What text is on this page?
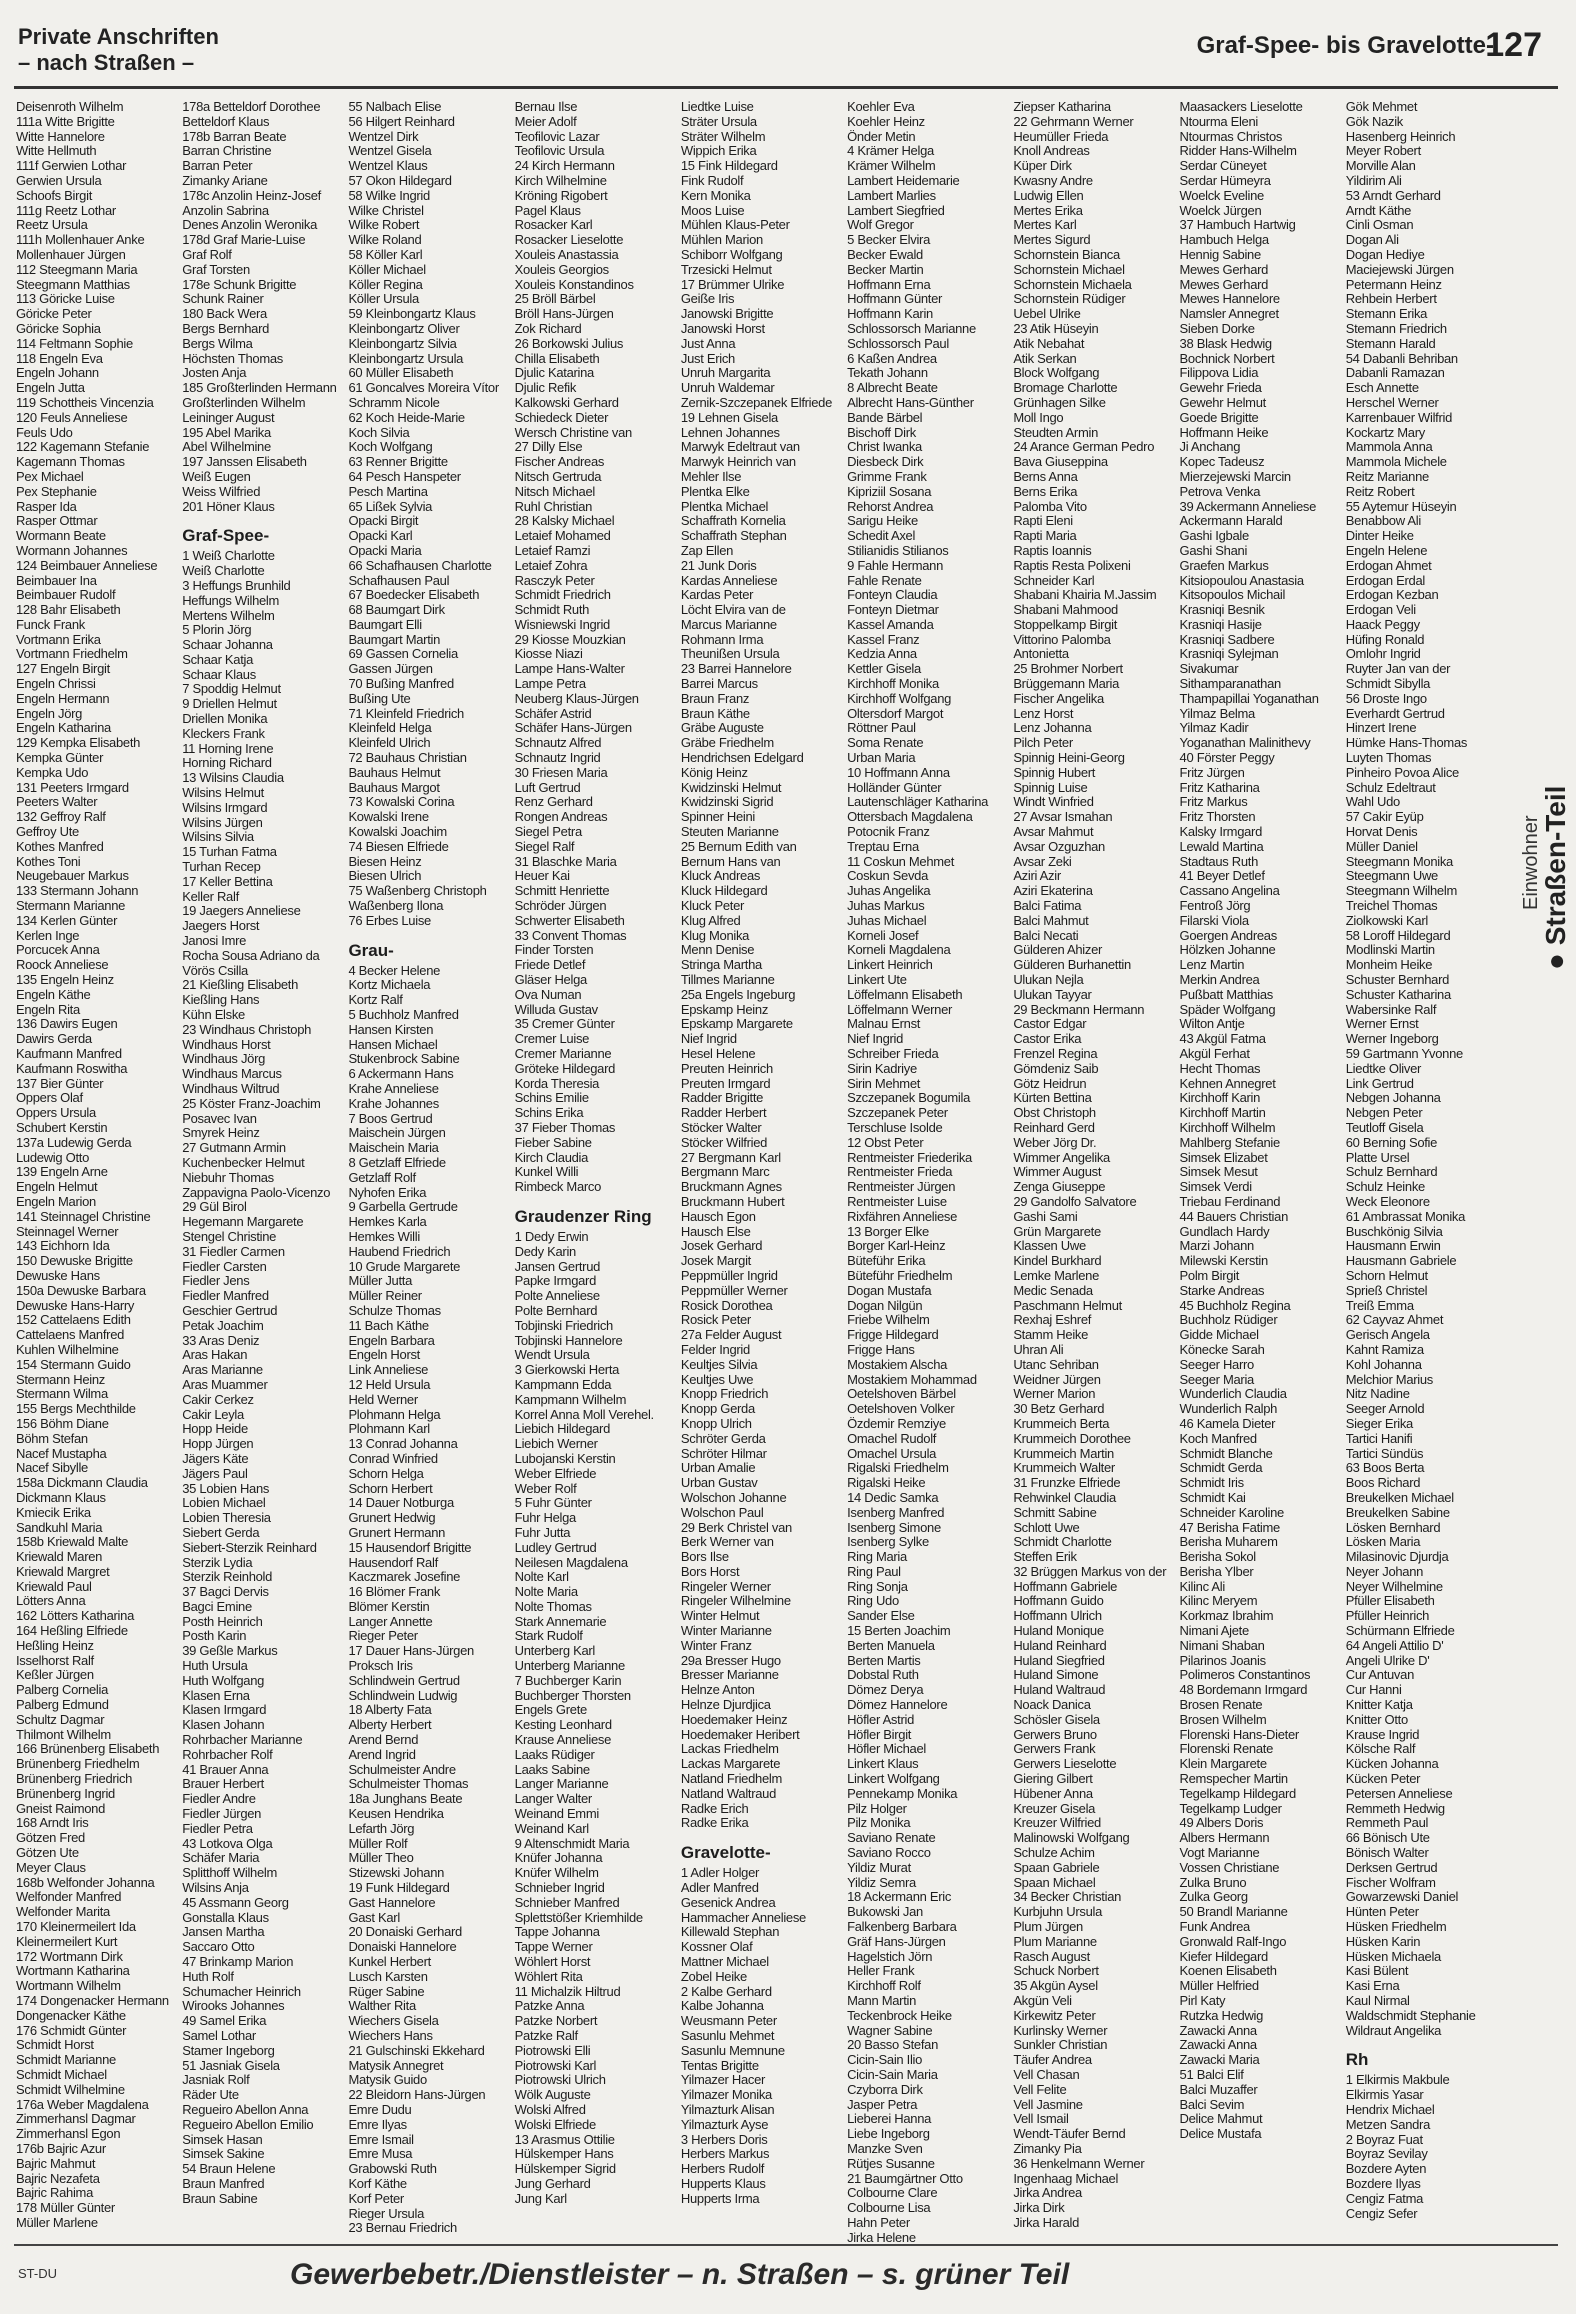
Private Anschriften
– nach Straßen –
Graf-Spee- bis Gravelotte-
127
Deisenroth Wilhelm
111a Witte Brigitte
Witte Hannelore
Witte Hellmuth
111f Gerwien Lothar
Gerwien Ursula
Schoofs Birgit
111g Reetz Lothar
Reetz Ursula
111h Mollenhauer Anke
Mollenhauer Jürgen
112 Steegmann Maria
Steegmann Matthias
113 Göricke Luise
Göricke Peter
Göricke Sophia
114 Feltmann Sophie
118 Engeln Eva
Engeln Johann
Engeln Jutta
119 Schottheis Vincenzia
120 Feuls Anneliese
Feuls Udo
122 Kagemann Stefanie
Kagemann Thomas
Pex Michael
Pex Stephanie
Rasper Ida
Rasper Ottmar
Wormann Beate
Wormann Johannes
124 Beimbauer Anneliese
Beimbauer Ina
Beimbauer Rudolf
128 Bahr Elisabeth
Funck Frank
Vortmann Erika
Vortmann Friedhelm
127 Engeln Birgit
Engeln Chrissi
Engeln Hermann
Engeln Jörg
Engeln Katharina
129 Kempka Elisabeth
Kempka Günter
Kempka Udo
131 Peeters Irmgard
Peeters Walter
132 Geffroy Ralf
Geffroy Ute
Kothes Manfred
Kothes Toni
Neugebauer Markus
133 Stermann Johann
Stermann Marianne
134 Kerlen Günter
Kerlen Inge
Porcucek Anna
Roock Anneliese
135 Engeln Heinz
Engeln Käthe
Engeln Rita
136 Dawirs Eugen
Dawirs Gerda
Kaufmann Manfred
Kaufmann Roswitha
137 Bier Günter
Oppers Olaf
Oppers Ursula
Schubert Kerstin
137a Ludewig Gerda
Ludewig Otto
139 Engeln Arne
Engeln Helmut
Engeln Marion
141 Steinnagel Christine
Steinnagel Werner
143 Eichhorn Ida
150 Dewuske Brigitte
Dewuske Hans
150a Dewuske Barbara
Dewuske Hans-Harry
152 Cattelaens Edith
Cattelaens Manfred
Kuhlen Wilhelmine
154 Stermann Guido
Stermann Heinz
Stermann Wilma
155 Bergs Mechthilde
156 Böhm Diane
Böhm Stefan
Nacef Mustapha
Nacef Sibylle
158a Dickmann Claudia
Dickmann Klaus
Kmiecik Erika
Sandkuhl Maria
158b Kriewald Malte
Kriewald Maren
Kriewald Margret
Kriewald Paul
Lötters Anna
162 Lötters Katharina
164 Heßling Elfriede
Heßling Heinz
Isselhorst Ralf
Keßler Jürgen
Palberg Cornelia
Palberg Edmund
Schultz Dagmar
Thilmont Wilhelm
166 Brünenberg Elisabeth
Brünenberg Friedhelm
Brünenberg Friedrich
Brünenberg Ingrid
Gneist Raimond
168 Arndt Iris
Götzen Fred
Götzen Ute
Meyer Claus
168b Welfonder Johanna
Welfonder Manfred
Welfonder Marita
170 Kleinermeilert Ida
Kleinermeilert Kurt
172 Wortmann Dirk
Wortmann Katharina
Wortmann Wilhelm
174 Dongenacker Hermann
Dongenacker Käthe
176 Schmidt Günter
Schmidt Horst
Schmidt Marianne
Schmidt Michael
Schmidt Wilhelmine
176a Weber Magdalena
Zimmerhansl Dagmar
Zimmerhansl Egon
176b Bajric Azur
Bajric Mahmut
Bajric Nezafeta
Bajric Rahima
178 Müller Günter
Müller Marlene
178a Betteldorf Dorothee
Betteldorf Klaus
178b Barran Beate
Barran Christine
Barran Peter
Zimanky Ariane
178c Anzolin Heinz-Josef
Anzolin Sabrina
Denes Anzolin Weronika
178d Graf Marie-Luise
Graf Rolf
Graf Torsten
178e Schunk Brigitte
Schunk Rainer
180 Back Wera
Bergs Bernhard
Bergs Wilma
Höchsten Thomas
Josten Anja
185 Großterlinden Hermann
Großterlinden Wilhelm
Leininger August
195 Abel Marika
Abel Wilhelmine
197 Janssen Elisabeth
Weiß Eugen
Weiss Wilfried
201 Höner Klaus
Graf-Spee-
1 Weiß Charlotte
Weiß Charlotte
3 Heffungs Brunhild
Heffungs Wilhelm
Mertens Wilhelm
5 Plorin Jörg
Schaar Johanna
Schaar Katja
Schaar Klaus
7 Spoddig Helmut
9 Driellen Helmut
Driellen Monika
Kleckers Frank
11 Horning Irene
Horning Richard
13 Wilsins Claudia
Wilsins Helmut
Wilsins Irmgard
Wilsins Jürgen
Wilsins Silvia
15 Turhan Fatma
Turhan Recep
17 Keller Bettina
Keller Ralf
19 Jaegers Anneliese
Jaegers Horst
Janosi Imre
Rocha Sousa Adriano da
Vörös Csilla
21 Kießling Elisabeth
Kießling Hans
Kühn Elske
23 Windhaus Christoph
Windhaus Horst
Windhaus Jörg
Windhaus Marcus
Windhaus Wiltrud
25 Köster Franz-Joachim
Posavec Ivan
Smyrek Heinz
27 Gutmann Armin
Kuchenbecker Helmut
Niebuhr Thomas
Zappavigna Paolo-Vicenzo
29 Gül Birol
Hegemann Margarete
Stengel Christine
31 Fiedler Carmen
Fiedler Carsten
Fiedler Jens
Fiedler Manfred
Geschier Gertrud
Petak Joachim
33 Aras Deniz
Aras Hakan
Aras Marianne
Aras Muammer
Cakir Cerkez
Cakir Leyla
Hopp Heide
Hopp Jürgen
Jägers Käte
Jägers Paul
35 Lobien Hans
Lobien Michael
Lobien Theresia
Siebert Gerda
Siebert-Sterzik Reinhard
Sterzik Lydia
Sterzik Reinhold
37 Bagci Dervis
Bagci Emine
Posth Heinrich
Posth Karin
39 Geßle Markus
Huth Ursula
Huth Wolfgang
Klasen Erna
Klasen Irmgard
Klasen Johann
Rohrbacher Marianne
Rohrbacher Rolf
41 Brauer Anna
Brauer Herbert
Fiedler Andre
Fiedler Jürgen
Fiedler Petra
43 Lotkova Olga
Schäfer Maria
Splitthoff Wilhelm
Wilsins Anja
45 Assmann Georg
Gonstalla Klaus
Jansen Martha
Saccaro Otto
47 Brinkamp Marion
Huth Rolf
Schumacher Heinrich
Wirooks Johannes
49 Samel Erika
Samel Lothar
Stamer Ingeborg
51 Jasniak Gisela
Jasniak Rolf
Räder Ute
Regueiro Abellon Anna
Regueiro Abellon Emilio
Simsek Hasan
Simsek Sakine
54 Braun Helene
Braun Manfred
Braun Sabine
55 Nalbach Elise
56 Hilgert Reinhard
Wentzel Dirk
Wentzel Gisela
Wentzel Klaus
57 Okon Hildegard
58 Wilke Ingrid
Wilke Christel
Wilke Robert
Wilke Roland
58 Köller Karl
Köller Michael
Köller Regina
Köller Ursula
59 Kleinbongartz Klaus
Kleinbongartz Oliver
Kleinbongartz Silvia
Kleinbongartz Ursula
60 Müller Elisabeth
61 Goncalves Moreira Vítor
Schramm Nicole
62 Koch Heide-Marie
Koch Silvia
Koch Wolfgang
63 Renner Brigitte
64 Pesch Hanspeter
Pesch Martina
65 Lißek Sylvia
Opacki Birgit
Opacki Karl
Opacki Maria
66 Schafhausen Charlotte
Schafhausen Paul
67 Boedecker Elisabeth
68 Baumgart Dirk
Baumgart Elli
Baumgart Martin
69 Gassen Cornelia
Gassen Jürgen
70 Bußing Manfred
Bußing Ute
71 Kleinfeld Friedrich
Kleinfeld Helga
Kleinfeld Ulrich
72 Bauhaus Christian
Bauhaus Helmut
Bauhaus Margot
73 Kowalski Corina
Kowalski Irene
Kowalski Joachim
74 Biesen Elfriede
Biesen Heinz
Biesen Ulrich
75 Waßenberg Christoph
Waßenberg Ilona
76 Erbes Luise
Grau-
4 Becker Helene
Kortz Michaela
Kortz Ralf
5 Buchholz Manfred
Hansen Kirsten
Hansen Michael
Stukenbrock Sabine
6 Ackermann Hans
Krahe Anneliese
Krahe Johannes
7 Boos Gertrud
Maischein Jürgen
Maischein Maria
8 Getzlaff Elfriede
Getzlaff Rolf
Nyhofen Erika
9 Garbella Gertrude
Hemkes Karla
Hemkes Willi
Haubend Friedrich
10 Grude Margarete
Müller Jutta
Müller Reiner
Schulze Thomas
11 Bach Käthe
Engeln Barbara
Engeln Horst
Link Anneliese
12 Held Ursula
Held Werner
Plohmann Helga
Plohmann Karl
13 Conrad Johanna
Conrad Winfried
Schorn Helga
Schorn Herbert
14 Dauer Notburga
Grunert Hedwig
Grunert Hermann
15 Hausendorf Brigitte
Hausendorf Ralf
Kaczmarek Josefine
16 Blömer Frank
Blömer Kerstin
Langer Annette
Rieger Peter
17 Dauer Hans-Jürgen
Proksch Iris
Schlindwein Gertrud
Schlindwein Ludwig
18 Alberty Fata
Alberty Herbert
Arend Bernd
Arend Ingrid
Schulmeister Andre
Schulmeister Thomas
18a Junghans Beate
Keusen Hendrika
Lefarth Jörg
Müller Rolf
Müller Theo
Stizewski Johann
19 Funk Hildegard
Gast Hannelore
Gast Karl
20 Donaiski Gerhard
Donaiski Hannelore
Kunkel Herbert
Lusch Karsten
Rüger Sabine
Walther Rita
Wiechers Gisela
Wiechers Hans
21 Gulschinski Ekkehard
Matysik Annegret
Matysik Guido
22 Bleidorn Hans-Jürgen
Emre Dudu
Emre Ilyas
Emre Ismail
Emre Musa
Grabowski Ruth
Korf Käthe
Korf Peter
Rieger Ursula
23 Bernau Friedrich
Bernau Ilse
Meier Adolf
Teofilovic Lazar
Teofilovic Ursula
24 Kirch Hermann
Kirch Wilhelmine
Kröning Rigobert
Pagel Klaus
Rosacker Karl
Rosacker Lieselotte
Xouleis Anastassia
Xouleis Georgios
Xouleis Konstandinos
25 Bröll Bärbel
Bröll Hans-Jürgen
Zok Richard
26 Borkowski Julius
Chilla Elisabeth
Djulic Katarina
Djulic Refik
Kalkowski Gerhard
Schiedeck Dieter
Wersch Christine van
27 Dilly Else
Fischer Andreas
Nitsch Gertruda
Nitsch Michael
Ruhl Christian
28 Kalsky Michael
Letaief Mohamed
Letaief Ramzi
Letaief Zohra
Rasczyk Peter
Schmidt Friedrich
Schmidt Ruth
Wisniewski Ingrid
29 Kiosse Mouzkian
Kiosse Niazi
Lampe Hans-Walter
Lampe Petra
Neuberg Klaus-Jürgen
Schäfer Astrid
Schäfer Hans-Jürgen
Schnautz Alfred
Schnautz Ingrid
30 Friesen Maria
Luft Gertrud
Renz Gerhard
Rongen Andreas
Siegel Petra
Siegel Ralf
31 Blaschke Maria
Heuer Kai
Schmitt Henriette
Schröder Jürgen
Schwerter Elisabeth
33 Convent Thomas
Finder Torsten
Friede Detlef
Gläser Helga
Ova Numan
Willuda Gustav
35 Cremer Günter
Cremer Luise
Cremer Marianne
Gröteke Hildegard
Korda Theresia
Schins Emilie
Schins Erika
37 Fieber Thomas
Fieber Sabine
Kirch Claudia
Kunkel Willi
Rimbeck Marco
Graudenzer Ring
1 Dedy Erwin
Dedy Karin
Jansen Gertrud
Papke Irmgard
Polte Anneliese
Polte Bernhard
Tobjinski Friedrich
Tobjinski Hannelore
Wendt Ursula
3 Gierkowski Herta
Kampmann Edda
Kampmann Wilhelm
Korrel Anna Moll Verehel.
Liebich Hildegard
Liebich Werner
Lubojanski Kerstin
Weber Elfriede
Weber Rolf
5 Fuhr Günter
Fuhr Helga
Fuhr Jutta
Ludley Gertrud
Neilesen Magdalena
Nolte Karl
Nolte Maria
Nolte Thomas
Stark Annemarie
Stark Rudolf
Unterberg Karl
Unterberg Marianne
7 Buchberger Karin
Buchberger Thorsten
Engels Grete
Kesting Leonhard
Krause Anneliese
Laaks Rüdiger
Laaks Sabine
Langer Marianne
Langer Walter
Weinand Emmi
Weinand Karl
9 Altenschmidt Maria
Knüfer Johanna
Knüfer Wilhelm
Schnieber Ingrid
Schnieber Manfred
Splettstößer Kriemhilde
Tappe Johanna
Tappe Werner
Wöhlert Horst
Wöhlert Rita
11 Michalzik Hiltrud
Patzke Anna
Patzke Norbert
Patzke Ralf
Piotrowski Elli
Piotrowski Karl
Piotrowski Ulrich
Wölk Auguste
Wolski Alfred
Wolski Elfriede
13 Arasmus Ottilie
Hülskemper Hans
Hülskemper Sigrid
Jung Gerhard
Jung Karl
Liedtke Luise
Sträter Ursula
Sträter Wilhelm
Wippich Erika
15 Fink Hildegard
Fink Rudolf
Kern Monika
Moos Luise
Mühlen Klaus-Peter
Mühlen Marion
Schiborr Wolfgang
Trzesicki Helmut
17 Brümmer Ulrike
Geiße Iris
Janowski Brigitte
Janowski Horst
Just Anna
Just Erich
Unruh Margarita
Unruh Waldemar
Zernik-Szczepanek Elfriede
19 Lehnen Gisela
Lehnen Johannes
Marwyk Edeltraut van
Marwyk Heinrich van
Mehler Ilse
Plentka Elke
Plentka Michael
Schaffrath Kornelia
Schaffrath Stephan
Zap Ellen
21 Junk Doris
Kardas Anneliese
Kardas Peter
Löcht Elvira van de
Marcus Marianne
Rohmann Irma
Theunißen Ursula
23 Barrei Hannelore
Barrei Marcus
Braun Franz
Braun Käthe
Gräbe Auguste
Gräbe Friedhelm
Hendrichsen Edelgard
König Heinz
Kwidzinski Helmut
Kwidzinski Sigrid
Spinner Heini
Steuten Marianne
25 Bernum Edith van
Bernum Hans van
Kluck Andreas
Kluck Hildegard
Kluck Peter
Klug Alfred
Klug Monika
Menn Denise
Stringa Martha
Tillmes Marianne
25a Engels Ingeburg
Epskamp Heinz
Epskamp Margarete
Nief Ingrid
Hesel Helene
Preuten Heinrich
Preuten Irmgard
Radder Brigitte
Radder Herbert
Stöcker Walter
Stöcker Wilfried
27 Bergmann Karl
Bergmann Marc
Bruckmann Agnes
Bruckmann Hubert
Hausch Egon
Hausch Else
Josek Gerhard
Josek Margit
Peppmüller Ingrid
Peppmüller Werner
Rosick Dorothea
Rosick Peter
27a Felder August
Felder Ingrid
Keultjes Silvia
Keultjes Uwe
Knopp Friedrich
Knopp Gerda
Knopp Ulrich
Schröter Gerda
Schröter Hilmar
Urban Amalie
Urban Gustav
Wolschon Johanne
Wolschon Paul
29 Berk Christel van
Berk Werner van
Bors Ilse
Bors Horst
Ringeler Werner
Ringeler Wilhelmine
Winter Helmut
Winter Marianne
Winter Franz
29a Bresser Hugo
Bresser Marianne
Helnze Anton
Helnze Djurdjica
Hoedemaker Heinz
Hoedemaker Heribert
Lackas Friedhelm
Lackas Margarete
Natland Friedhelm
Natland Waltraud
Radke Erich
Radke Erika
Gravelotte-
1 Adler Holger
Adler Manfred
Gesenick Andrea
Hammacher Anneliese
Killewald Stephan
Kossner Olaf
Mattner Michael
Zobel Heike
2 Kalbe Gerhard
Kalbe Johanna
Weusmann Peter
Sasunlu Mehmet
Sasunlu Memnune
Tentas Brigitte
Yilmazer Hacer
Yilmazer Monika
Yilmazturk Alisan
Yilmazturk Ayse
3 Herbers Doris
Herbers Markus
Herbers Rudolf
Hupperts Klaus
Hupperts Irma
Koehler Eva
Koehler Heinz
Önder Metin
4 Krämer Helga
Krämer Wilhelm
Lambert Heidemarie
Lambert Marlies
Lambert Siegfried
Wolf Gregor
5 Becker Elvira
Becker Ewald
Becker Martin
Hoffmann Erna
Hoffmann Günter
Hoffmann Karin
Schlossorsch Marianne
Schlossorsch Paul
6 Kaßen Andrea
Tekath Johann
8 Albrecht Beate
Albrecht Hans-Günther
Bande Bärbel
Bischoff Dirk
Christ Iwanka
Diesbeck Dirk
Grimme Frank
Kipriziil Sosana
Rehorst Andrea
Sarigu Heike
Schedit Axel
Stilianidis Stilianos
9 Fahle Hermann
Fahle Renate
Fonteyn Claudia
Fonteyn Dietmar
Kassel Amanda
Kassel Franz
Kedzia Anna
Kettler Gisela
Kirchhoff Monika
Kirchhoff Wolfgang
Oltersdorf Margot
Röttner Paul
Soma Renate
Urban Maria
10 Hoffmann Anna
Holländer Günter
Lautenschläger Katharina
Ottersbach Magdalena
Potocnik Franz
Treptau Erna
11 Coskun Mehmet
Coskun Sevda
Juhas Angelika
Juhas Markus
Juhas Michael
Korneli Josef
Korneli Magdalena
Linkert Heinrich
Linkert Ute
Löffelmann Elisabeth
Löffelmann Werner
Malnau Ernst
Nief Ingrid
Schreiber Frieda
Sirin Kadriye
Sirin Mehmet
Szczepanek Bogumila
Szczepanek Peter
Terschluse Isolde
12 Obst Peter
Rentmeister Friederika
Rentmeister Frieda
Rentmeister Jürgen
Rentmeister Luise
Rixfähren Anneliese
13 Borger Elke
Borger Karl-Heinz
Büteführ Erika
Büteführ Friedhelm
Dogan Mustafa
Dogan Nilgün
Friebe Wilhelm
Frigge Hildegard
Frigge Hans
Mostakiem Alscha
Mostakiem Mohammad
Oetelshoven Bärbel
Oetelshoven Volker
Özdemir Remziye
Omachel Rudolf
Omachel Ursula
Rigalski Friedhelm
Rigalski Heike
14 Dedic Samka
Isenberg Manfred
Isenberg Simone
Isenberg Sylke
Ring Maria
Ring Paul
Ring Sonja
Ring Udo
Sander Else
15 Berten Joachim
Berten Manuela
Berten Martis
Dobstal Ruth
Dömez Derya
Dömez Hannelore
Höfler Astrid
Höfler Birgit
Höfler Michael
Linkert Klaus
Linkert Wolfgang
Pennekamp Monika
Pilz Holger
Pilz Monika
Saviano Renate
Saviano Rocco
Yildiz Murat
Yildiz Semra
18 Ackermann Eric
Bukowski Jan
Falkenberg Barbara
Gräf Hans-Jürgen
Hagelstich Jörn
Heller Frank
Kirchhoff Rolf
Mann Martin
Teckenbrock Heike
Wagner Sabine
20 Basso Stefan
Cicin-Sain Ilio
Cicin-Sain Maria
Czyborra Dirk
Jasper Petra
Lieberei Hanna
Liebe Ingeborg
Manzke Sven
Rütjes Susanne
21 Baumgärtner Otto
Colbourne Clare
Colbourne Lisa
Hahn Peter
Jirka Helene
Ziepser Katharina
22 Gehrmann Werner
Heumüller Frieda
Knoll Andreas
Küper Dirk
Kwasny Andre
Ludwig Ellen
Mertes Erika
Mertes Karl
Mertes Sigurd
Schornstein Bianca
Schornstein Michael
Schornstein Michaela
Schornstein Rüdiger
Uebel Ulrike
23 Atik Hüseyin
Atik Nebahat
Atik Serkan
Block Wolfgang
Bromage Charlotte
Grünhagen Silke
Moll Ingo
Steudten Armin
24 Arance German Pedro
Bava Giuseppina
Berns Anna
Berns Erika
Palomba Vito
Rapti Eleni
Rapti Maria
Raptis Ioannis
Raptis Resta Polixeni
Schneider Karl
Shabani Khairia M.Jassim
Shabani Mahmood
Stoppelkamp Birgit
Vittorino Palomba
Antonietta
25 Brohmer Norbert
Brüggemann Maria
Fischer Angelika
Lenz Horst
Lenz Johanna
Pilch Peter
Spinnig Heini-Georg
Spinnig Hubert
Spinnig Luise
Windt Winfried
27 Avsar Ismahan
Avsar Mahmut
Avsar Ozguzhan
Avsar Zeki
Aziri Azir
Aziri Ekaterina
Balci Fatima
Balci Mahmut
Balci Necati
Gülderen Ahizer
Gülderen Burhanettin
Ulukan Nejla
Ulukan Tayyar
29 Beckmann Hermann
Castor Edgar
Castor Erika
Frenzel Regina
Gömdeniz Saib
Götz Heidrun
Kürten Bettina
Obst Christoph
Reinhard Gerd
Weber Jörg Dr.
Wimmer Angelika
Wimmer August
Zenga Giuseppe
29 Gandolfo Salvatore
Gashi Sami
Grün Margarete
Klassen Uwe
Kindel Burkhard
Lemke Marlene
Medic Senada
Paschmann Helmut
Rexhaj Eshref
Stamm Heike
Uhran Ali
Utanc Sehriban
Weidner Jürgen
Werner Marion
30 Betz Gerhard
Krummeich Berta
Krummeich Dorothee
Krummeich Martin
Krummeich Walter
31 Frunzke Elfriede
Rehwinkel Claudia
Schmitt Sabine
Schlott Uwe
Schmidt Charlotte
Steffen Erik
32 Brüggen Markus von der
Hoffmann Gabriele
Hoffmann Guido
Hoffmann Ulrich
Huland Monique
Huland Reinhard
Huland Siegfried
Huland Simone
Huland Waltraud
Noack Danica
Schösler Gisela
Gerwers Bruno
Gerwers Frank
Gerwers Lieselotte
Giering Gilbert
Hübener Anna
Kreuzer Gisela
Kreuzer Wilfried
Malinowski Wolfgang
Schulze Achim
Spaan Gabriele
Spaan Michael
34 Becker Christian
Kurbjuhn Ursula
Plum Jürgen
Plum Marianne
Rasch August
Schuck Norbert
35 Akgün Aysel
Akgün Veli
Kirkewitz Peter
Kurlinsky Werner
Sunkler Christian
Täufer Andrea
Vell Chasan
Vell Felite
Vell Jasmine
Vell Ismail
Wendt-Täufer Bernd
Zimanky Pia
36 Henkelmann Werner
Ingenhaag Michael
Jirka Andrea
Jirka Dirk
Jirka Harald
Maasackers Lieselotte
Ntourma Eleni
Ntourmas Christos
Ridder Hans-Wilhelm
Serdar Cüneyet
Serdar Hümeyra
Woelck Eveline
Woelck Jürgen
37 Hambuch Hartwig
Hambuch Helga
Hennig Sabine
Mewes Gerhard
Mewes Gerhard
Mewes Hannelore
Namsler Annegret
Sieben Dorke
38 Blask Hedwig
Bochnick Norbert
Filippova Lidia
Gewehr Frieda
Gewehr Helmut
Goede Brigitte
Hoffmann Heike
Ji Anchang
Kopec Tadeusz
Mierzejewski Marcin
Petrova Venka
39 Ackermann Anneliese
Ackermann Harald
Gashi Igbale
Gashi Shani
Graefen Markus
Kitsiopoulou Anastasia
Kitsopoulos Michail
Krasniqi Besnik
Krasniqi Hasije
Krasniqi Sadbere
Krasniqi Sylejman
Sivakumar
Sithamparanathan
Thampapillai Yoganathan
Yilmaz Belma
Yilmaz Kadir
Yoganathan Malinithevy
40 Förster Peggy
Fritz Jürgen
Fritz Katharina
Fritz Markus
Fritz Thorsten
Kalsky Irmgard
Lewald Martina
Stadtaus Ruth
41 Beyer Detlef
Cassano Angelina
Fentroß Jörg
Filarski Viola
Goergen Andreas
Hölzken Johanne
Lenz Martin
Merkin Andrea
Pußbatt Matthias
Späder Wolfgang
Wilton Antje
43 Akgül Fatma
Akgül Ferhat
Hecht Thomas
Kehnen Annegret
Kirchhoff Karin
Kirchhoff Martin
Kirchhoff Wilhelm
Mahlberg Stefanie
Simsek Elizabet
Simsek Mesut
Simsek Verdi
Triebau Ferdinand
44 Bauers Christian
Gundlach Hardy
Marzi Johann
Milewski Kerstin
Polm Birgit
Starke Andreas
45 Buchholz Regina
Buchholz Rüdiger
Gidde Michael
Könecke Sarah
Seeger Harro
Seeger Maria
Wunderlich Claudia
Wunderlich Ralph
46 Kamela Dieter
Koch Manfred
Schmidt Blanche
Schmidt Gerda
Schmidt Iris
Schmidt Kai
Schneider Karoline
47 Berisha Fatime
Berisha Muharem
Berisha Sokol
Berisha Ylber
Kilinc Ali
Kilinc Meryem
Korkmaz Ibrahim
Nimani Ajete
Nimani Shaban
Pilarinos Joanis
Polimeros Constantinos
48 Bordemann Irmgard
Brosen Renate
Brosen Wilhelm
Florenski Hans-Dieter
Florenski Renate
Klein Margarete
Remspecher Martin
Tegelkamp Hildegard
Tegelkamp Ludger
49 Albers Doris
Albers Hermann
Vogt Marianne
Vossen Christiane
Zulka Bruno
Zulka Georg
50 Brandl Marianne
Funk Andrea
Gronwald Ralf-Ingo
Kiefer Hildegard
Koenen Elisabeth
Müller Helfried
Pirl Katy
Rutzka Hedwig
Zawacki Anna
Zawacki Anna
Zawacki Maria
51 Balci Elif
Balci Muzaffer
Balci Sevim
Delice Mahmut
Delice Mustafa
Gök Mehmet
Gök Nazik
Hasenberg Heinrich
Meyer Robert
Morville Alan
Yildirim Ali
53 Arndt Gerhard
Arndt Käthe
Cinli Osman
Dogan Ali
Dogan Hediye
Maciejewski Jürgen
Petermann Heinz
Rehbein Herbert
Stemann Erika
Stemann Friedrich
Stemann Harald
54 Dabanli Behriban
Dabanli Ramazan
Esch Annette
Herschel Werner
Karrenbauer Wilfrid
Kockartz Mary
Mammola Anna
Mammola Michele
Reitz Marianne
Reitz Robert
55 Aytemur Hüseyin
Benabbow Ali
Dinter Heike
Engeln Helene
Erdogan Ahmet
Erdogan Erdal
Erdogan Kezban
Erdogan Veli
Haack Peggy
Hüfing Ronald
Omlohr Ingrid
Ruyter Jan van der
Schmidt Sibylla
56 Droste Ingo
Everhardt Gertrud
Hinzert Irene
Hümke Hans-Thomas
Luyten Thomas
Pinheiro Povoa Alice
Schulz Edeltraut
Wahl Udo
57 Cakir Eyüp
Horvat Denis
Müller Daniel
Steegmann Monika
Steegmann Uwe
Steegmann Wilhelm
Treichel Thomas
Ziolkowski Karl
58 Loroff Hildegard
Modlinski Martin
Monheim Heike
Schuster Bernhard
Schuster Katharina
Wabersinke Ralf
Werner Ernst
Werner Ingeborg
59 Gartmann Yvonne
Liedtke Oliver
Link Gertrud
Nebgen Johanna
Nebgen Peter
Teutloff Gisela
60 Berning Sofie
Platte Ursel
Schulz Bernhard
Schulz Heinke
Weck Eleonore
61 Ambrassat Monika
Buschkönig Silvia
Hausmann Erwin
Hausmann Gabriele
Schorn Helmut
Sprieß Christel
Treiß Emma
62 Cayvaz Ahmet
Gerisch Angela
Kahnt Ramiza
Kohl Johanna
Melchior Marius
Nitz Nadine
Seeger Arnold
Sieger Erika
Tartici Hanifi
Tartici Sündüs
63 Boos Berta
Boos Richard
Breukelken Michael
Breukelken Sabine
Lösken Bernhard
Lösken Maria
Milasinovic Djurdja
Neyer Johann
Neyer Wilhelmine
Pfüller Elisabeth
Pfüller Heinrich
Schürmann Elfriede
64 Angeli Attilio D'
Angeli Ulrike D'
Cur Antuvan
Cur Hanni
Knitter Katja
Knitter Otto
Krause Ingrid
Kölsche Ralf
Kücken Johanna
Kücken Peter
Petersen Anneliese
Remmeth Hedwig
Remmeth Paul
66 Bönisch Ute
Bönisch Walter
Derksen Gertrud
Fischer Wolfram
Gowarzewski Daniel
Hünten Peter
Hüsken Friedhelm
Hüsken Karin
Hüsken Michaela
Kasi Bülent
Kasi Erna
Kaul Nirmal
Waldschmidt Stephanie
Wildraut Angelika
Rh
1 Elkirmis Makbule
Elkirmis Yasar
Hendrix Michael
Metzen Sandra
2 Boyraz Fuat
Boyraz Sevilay
Bozdere Ayten
Bozdere Ilyas
Cengiz Fatma
Cengiz Sefer
Einwohner
● Straßen-Teil
ST-DU	Gewerbebetr./Dienstleister – n. Straßen – s. grüner Teil
